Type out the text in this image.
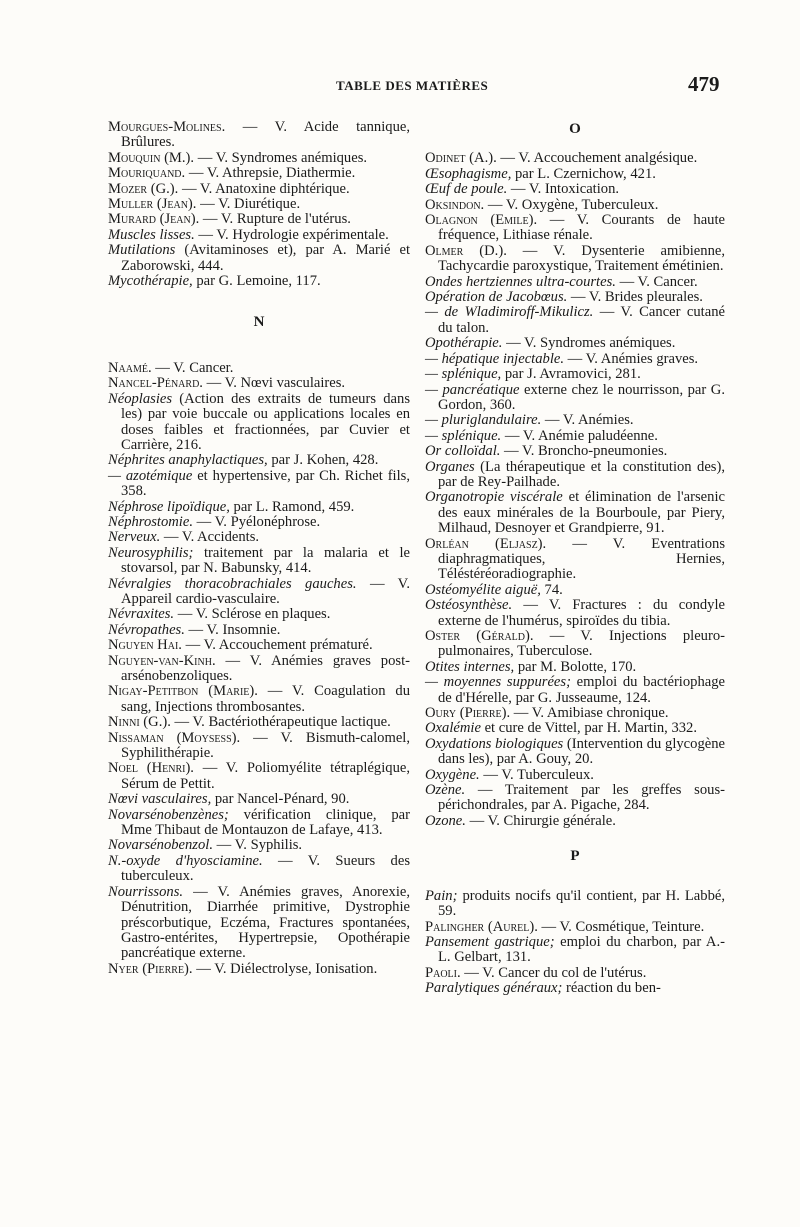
TABLE DES MATIÈRES	479

Mourgues-Molines. — V. Acide tannique, Brûlures.

Mouquin (M.). — V. Syndromes anémiques.

Mouriquand. — V. Athrepsie, Diathermie.

Mozer (G.). — V. Anatoxine diphtérique.

Muller (Jean). — V. Diurétique.

Murard (Jean). — V. Rupture de l'utérus.

Muscles lisses. — V. Hydrologie expérimentale.

Mutilations (Avitaminoses et), par A. Marié et Zaborowski, 444.

Mycothérapie, par G. Lemoine, 117.

N

Naamé. — V. Cancer.

Nancel-Pénard. — V. Nœvi vasculaires.

Néoplasies (Action des extraits de tumeurs dans les) par voie buccale ou applications locales en doses faibles et fractionnées, par Cuvier et Carrière, 216.

Néphrites anaphylactiques, par J. Kohen, 428.

— azotémique et hypertensive, par Ch. Richet fils, 358.

Néphrose lipoïdique, par L. Ramond, 459.

Néphrostomie. — V. Pyélonéphrose.

Nerveux. — V. Accidents.

Neurosyphilis; traitement par la malaria et le stovarsol, par N. Babunsky, 414.

Névralgies thoracobrachiales gauches. — V. Appareil cardio-vasculaire.

Névraxites. — V. Sclérose en plaques.

Névropathes. — V. Insomnie.

Nguyen Hai. — V. Accouchement prématuré.

Nguyen-van-Kinh. — V. Anémies graves post-arsénobenzoliques.

Nigay-Petitbon (Marie). — V. Coagulation du sang, Injections thrombosantes.

Ninni (G.). — V. Bactériothérapeutique lactique.

Nissaman (Moysess). — V. Bismuth-calomel, Syphilithérapie.

Noel (Henri). — V. Poliomyélite tétraplégique, Sérum de Pettit.

Nœvi vasculaires, par Nancel-Pénard, 90.

Novarsénobenzènes; vérification clinique, par Mme Thibaut de Montauzon de Lafaye, 413.

Novarsénobenzol. — V. Syphilis.

N.-oxyde d'hyosciamine. — V. Sueurs des tuberculeux.

Nourrissons. — V. Anémies graves, Anorexie, Dénutrition, Diarrhée primitive, Dystrophie préscorbutique, Eczéma, Fractures spontanées, Gastro-entérites, Hypertrepsie, Opothérapie pancréatique externe.

Nyer (Pierre). — V. Diélectrolyse, Ionisation.

O

Odinet (A.). — V. Accouchement analgésique.

Œsophagisme, par L. Czernichow, 421.

Œuf de poule. — V. Intoxication.

Oksindon. — V. Oxygène, Tuberculeux.

Olagnon (Emile). — V. Courants de haute fréquence, Lithiase rénale.

Olmer (D.). — V. Dysenterie amibienne, Tachycardie paroxystique, Traitement émétinien.

Ondes hertziennes ultra-courtes. — V. Cancer.

Opération de Jacobœus. — V. Brides pleurales.

— de Wladimiroff-Mikulicz. — V. Cancer cutané du talon.

Opothérapie. — V. Syndromes anémiques.

— hépatique injectable. — V. Anémies graves.

— splénique, par J. Avramovici, 281.

— pancréatique externe chez le nourrisson, par G. Gordon, 360.

— pluriglandulaire. — V. Anémies.

— splénique. — V. Anémie paludéenne.

Or colloïdal. — V. Broncho-pneumonies.

Organes (La thérapeutique et la constitution des), par de Rey-Pailhade.

Organotropie viscérale et élimination de l'arsenic des eaux minérales de la Bourboule, par Piery, Milhaud, Desnoyer et Grandpierre, 91.

Orléan (Eljasz). — V. Eventrations diaphragmatiques, Hernies, Téléstéréoradiographie.

Ostéomyélite aiguë, 74.

Ostéosynthèse. — V. Fractures : du condyle externe de l'humérus, spiroïdes du tibia.

Oster (Gérald). — V. Injections pleuro-pulmonaires, Tuberculose.

Otites internes, par M. Bolotte, 170.

— moyennes suppurées; emploi du bactériophage de d'Hérelle, par G. Jusseaume, 124.

Oury (Pierre). — V. Amibiase chronique.

Oxalémie et cure de Vittel, par H. Martin, 332.

Oxydations biologiques (Intervention du glycogène dans les), par A. Gouy, 20.

Oxygène. — V. Tuberculeux.

Ozène. — Traitement par les greffes sous-périchondrales, par A. Pigache, 284.

Ozone. — V. Chirurgie générale.

P

Pain; produits nocifs qu'il contient, par H. Labbé, 59.

Palingher (Aurel). — V. Cosmétique, Teinture.

Pansement gastrique; emploi du charbon, par A.-L. Gelbart, 131.

Paoli. — V. Cancer du col de l'utérus.

Paralytiques généraux; réaction du ben-
